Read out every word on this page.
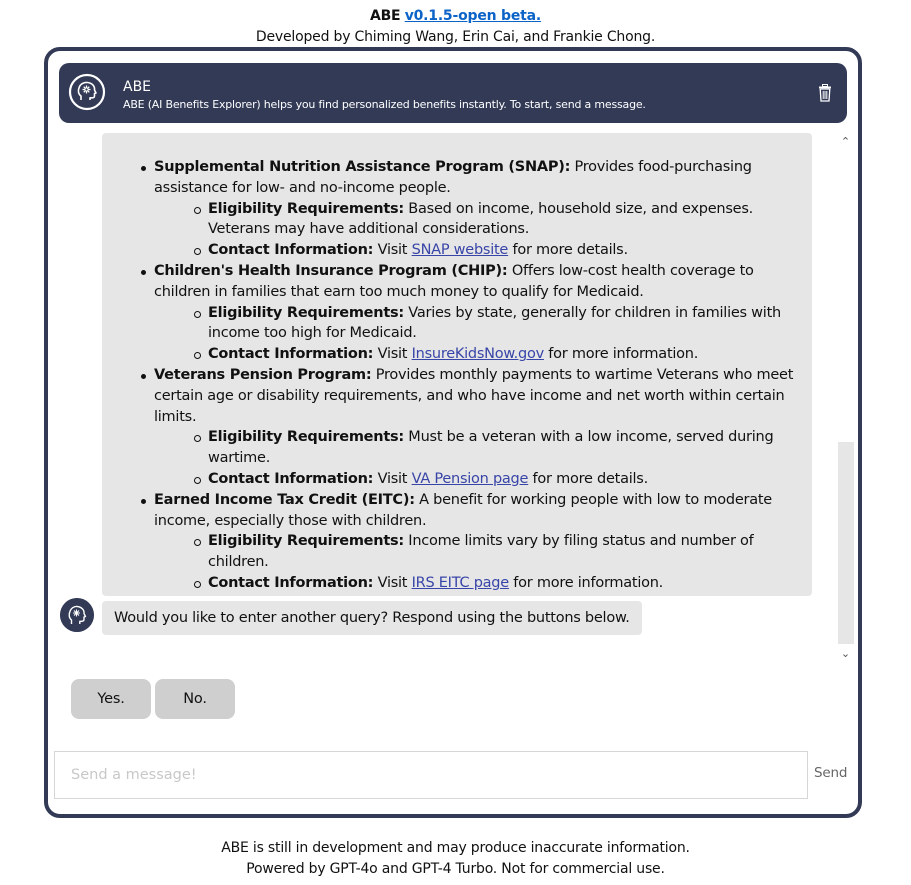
ABE v0.1.5-open beta.
Developed by Chiming Wang, Erin Cai, and Frankie Chong.
ABE
ABE (AI Benefits Explorer) helps you find personalized benefits instantly. To start, send a message.
Supplemental Nutrition Assistance Program (SNAP): Provides food-purchasing assistance for low- and no-income people.
Eligibility Requirements: Based on income, household size, and expenses. Veterans may have additional considerations.
Contact Information: Visit SNAP website for more details.
Children's Health Insurance Program (CHIP): Offers low-cost health coverage to children in families that earn too much money to qualify for Medicaid.
Eligibility Requirements: Varies by state, generally for children in families with income too high for Medicaid.
Contact Information: Visit InsureKidsNow.gov for more information.
Veterans Pension Program: Provides monthly payments to wartime Veterans who meet certain age or disability requirements, and who have income and net worth within certain limits.
Eligibility Requirements: Must be a veteran with a low income, served during wartime.
Contact Information: Visit VA Pension page for more details.
Earned Income Tax Credit (EITC): A benefit for working people with low to moderate income, especially those with children.
Eligibility Requirements: Income limits vary by filing status and number of children.
Contact Information: Visit IRS EITC page for more information.
Would you like to enter another query? Respond using the buttons below.
⌃
⌄
Yes.	No.
Send a message!
Send
ABE is still in development and may produce inaccurate information.
Powered by GPT-4o and GPT-4 Turbo. Not for commercial use.
